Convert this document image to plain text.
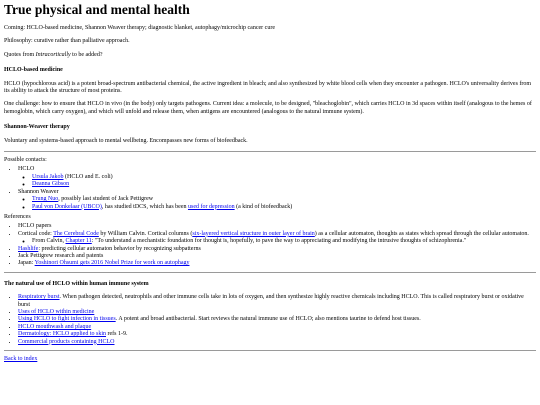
True physical and mental health

Coming: HCLO-based medicine, Shannon Weaver therapy; diagnostic blanket, autophagy/microchip cancer cure

Philosophy: curative rather than palliative approach.

Quotes from Intracortically to be added?

HCLO-based medicine

HCLO (hypochlorous acid) is a potent broad-spectrum antibacterial chemical, the active ingredient in bleach; and also synthesized by white blood cells when they encounter a pathogen. HCLO's universality derives from its ability to attack the structure of most proteins.

One challenge: how to ensure that HCLO in vivo (in the body) only targets pathogens. Current idea: a molecule, to be designed, "bleachoglobin", which carries HCLO in 3d spaces within itself (analogous to the hemes of hemoglobin, which carry oxygen), and which will unfold and release them, when antigens are encountered (analogous to the natural immune system).

Shannon-Weaver therapy

Voluntary and systems-based approach to mental wellbeing. Encompasses new forms of biofeedback.

Possible contacts:
• HCLO
◦ Ursula Jakob (HCLO and E. coli)
◦ Deanna Gibson
• Shannon Weaver
◦ Trung Nuo, possibly last student of Jack Pettigrew
◦ Paul von Donkelaar (UBCO), has studied tDCS, which has been used for depression (a kind of biofeedback)
References
• HCLO papers
• Cortical code: The Cerebral Code by William Calvin. Cortical columns (six-layered vertical structure in outer layer of brain) as a cellular automaton, thoughts as states which spread through the cellular automaton.
◦ From Calvin, Chapter 11: "To understand a mechanistic foundation for thought is, hopefully, to pave the way to appreciating and modifying the intrusive thoughts of schizophrenia."
• Hashlife: predicting cellular automaton behavior by recognizing subpatterns
• Jack Pettigrew research and patents
• Japan: Yoshinori Ohsumi gets 2016 Nobel Prize for work on autophagy
The natural use of HCLO within human immune system
• Respiratory burst. When pathogen detected, neutrophils and other immune cells take in lots of oxygen, and then synthesize highly reactive chemicals including HCLO. This is called respiratory burst or oxidative burst
• Uses of HCLO within medicine
• Using HCLO to fight infection in tissues. A potent and broad antibacterial. Start reviews the natural immune use of HCLO; also mentions taurine to defend host tissues.
• HCLO mouthwash and plaque
• Dermatology: HCLO applied to skin refs 1-9.
• Commercial products containing HCLO
Back to index
